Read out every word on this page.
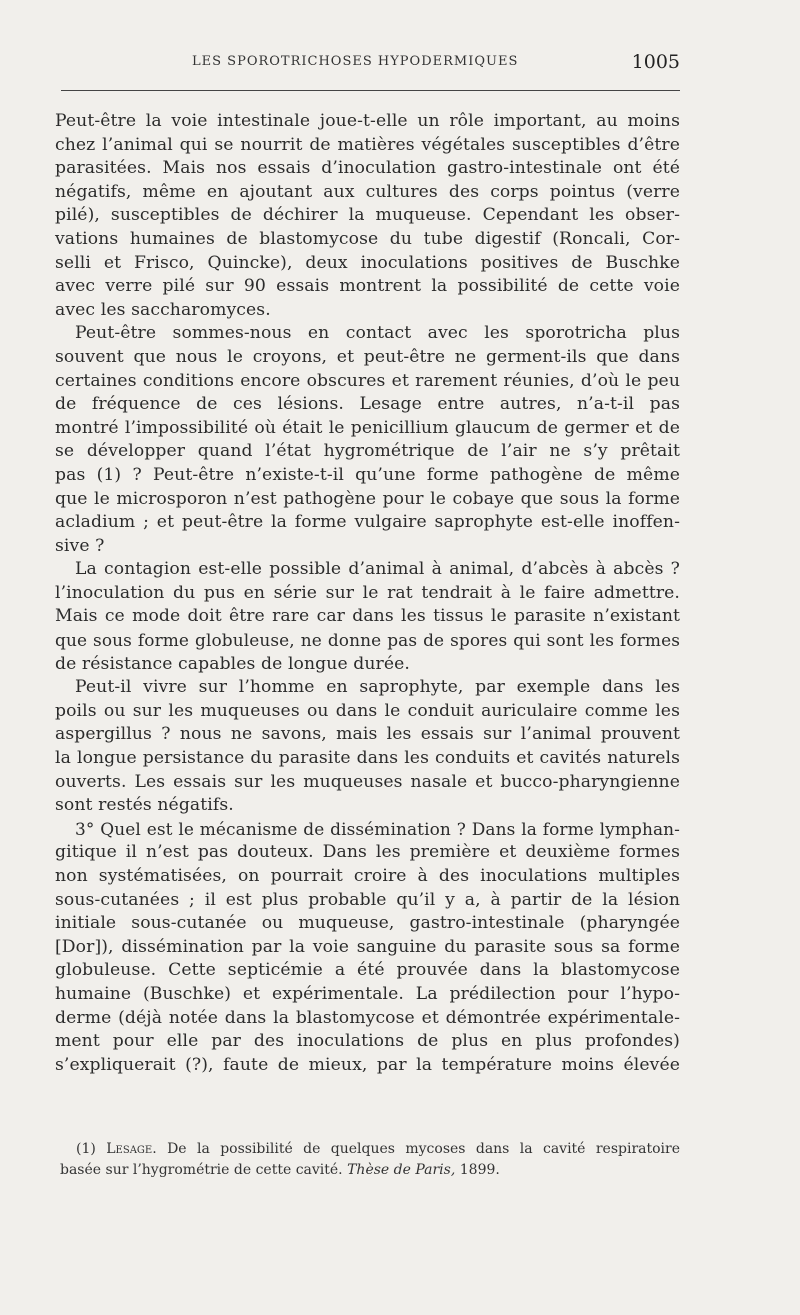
LES SPOROTRICHOSES HYPODERMIQUES	1005
Peut-être la voie intestinale joue-t-elle un rôle important, au moins
chez l’animal qui se nourrit de matières végétales susceptibles d’être
parasitées. Mais nos essais d’inoculation gastro-intestinale ont été
négatifs, même en ajoutant aux cultures des corps pointus (verre
pilé), susceptibles de déchirer la muqueuse. Cependant les obser-
vations humaines de blastomycose du tube digestif (Roncali, Cor-
selli et Frisco, Quincke), deux inoculations positives de Buschke
avec verre pilé sur 90 essais montrent la possibilité de cette voie
avec les saccharomyces.
Peut-être sommes-nous en contact avec les sporotricha plus
souvent que nous le croyons, et peut-être ne germent-ils que dans
certaines conditions encore obscures et rarement réunies, d’où le peu
de fréquence de ces lésions. Lesage entre autres, n’a-t-il pas
montré l’impossibilité où était le penicillium glaucum de germer et de
se développer quand l’état hygrométrique de l’air ne s’y prêtait
pas (1) ? Peut-être n’existe-t-il qu’une forme pathogène de même
que le microsporon n’est pathogène pour le cobaye que sous la forme
acladium ; et peut-être la forme vulgaire saprophyte est-elle inoffen-
sive ?
La contagion est-elle possible d’animal à animal, d’abcès à abcès ?
l’inoculation du pus en série sur le rat tendrait à le faire admettre.
Mais ce mode doit être rare car dans les tissus le parasite n’existant
que sous forme globuleuse, ne donne pas de spores qui sont les formes
de résistance capables de longue durée.
Peut-il vivre sur l’homme en saprophyte, par exemple dans les
poils ou sur les muqueuses ou dans le conduit auriculaire comme les
aspergillus ? nous ne savons, mais les essais sur l’animal prouvent
la longue persistance du parasite dans les conduits et cavités naturels
ouverts. Les essais sur les muqueuses nasale et bucco-pharyngienne
sont restés négatifs.
3° Quel est le mécanisme de dissémination ? Dans la forme lymphan-
gitique il n’est pas douteux. Dans les première et deuxième formes
non systématisées, on pourrait croire à des inoculations multiples
sous-cutanées ; il est plus probable qu’il y a, à partir de la lésion
initiale sous-cutanée ou muqueuse, gastro-intestinale (pharyngée
[Dor]), dissémination par la voie sanguine du parasite sous sa forme
globuleuse. Cette septicémie a été prouvée dans la blastomycose
humaine (Buschke) et expérimentale. La prédilection pour l’hypo-
derme (déjà notée dans la blastomycose et démontrée expérimentale-
ment pour elle par des inoculations de plus en plus profondes)
s’expliquerait (?), faute de mieux, par la température moins élevée
(1) Lesage. De la possibilité de quelques mycoses dans la cavité respiratoire
basée sur l’hygrométrie de cette cavité. Thèse de Paris, 1899.
